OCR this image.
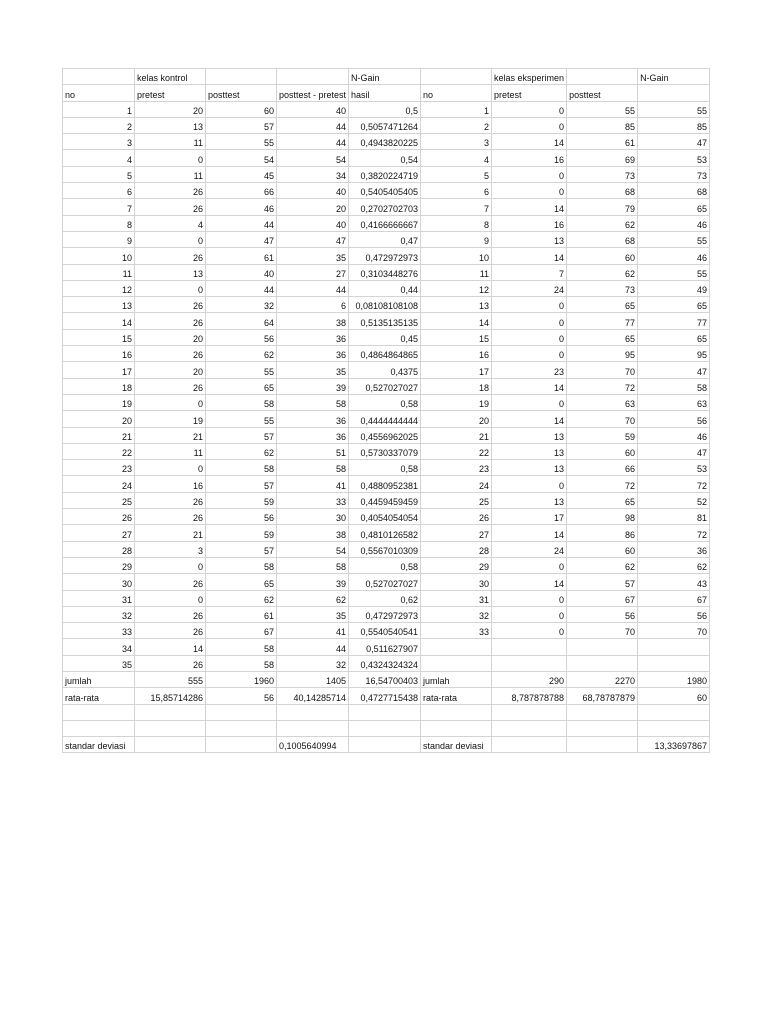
	kelas kontrol			N-Gain		kelas eksperimen		N-Gain
no	pretest	posttest	posttest - pretest	hasil	no	pretest	posttest	
1	20	60	40	0,5	1	0	55	55
2	13	57	44	0,5057471264	2	0	85	85
3	11	55	44	0,4943820225	3	14	61	47
4	0	54	54	0,54	4	16	69	53
5	11	45	34	0,3820224719	5	0	73	73
6	26	66	40	0,5405405405	6	0	68	68
7	26	46	20	0,2702702703	7	14	79	65
8	4	44	40	0,4166666667	8	16	62	46
9	0	47	47	0,47	9	13	68	55
10	26	61	35	0,472972973	10	14	60	46
11	13	40	27	0,3103448276	11	7	62	55
12	0	44	44	0,44	12	24	73	49
13	26	32	6	0,08108108108	13	0	65	65
14	26	64	38	0,5135135135	14	0	77	77
15	20	56	36	0,45	15	0	65	65
16	26	62	36	0,4864864865	16	0	95	95
17	20	55	35	0,4375	17	23	70	47
18	26	65	39	0,527027027	18	14	72	58
19	0	58	58	0,58	19	0	63	63
20	19	55	36	0,4444444444	20	14	70	56
21	21	57	36	0,4556962025	21	13	59	46
22	11	62	51	0,5730337079	22	13	60	47
23	0	58	58	0,58	23	13	66	53
24	16	57	41	0,4880952381	24	0	72	72
25	26	59	33	0,4459459459	25	13	65	52
26	26	56	30	0,4054054054	26	17	98	81
27	21	59	38	0,4810126582	27	14	86	72
28	3	57	54	0,5567010309	28	24	60	36
29	0	58	58	0,58	29	0	62	62
30	26	65	39	0,527027027	30	14	57	43
31	0	62	62	0,62	31	0	67	67
32	26	61	35	0,472972973	32	0	56	56
33	26	67	41	0,5540540541	33	0	70	70
34	14	58	44	0,511627907				
35	26	58	32	0,4324324324				
jumlah	555	1960	1405	16,54700403	jumlah	290	2270	1980
rata-rata	15,85714286	56	40,14285714	0,4727715438	rata-rata	8,787878788	68,78787879	60

standar deviasi			0,1005640994		standar deviasi			13,33697867
